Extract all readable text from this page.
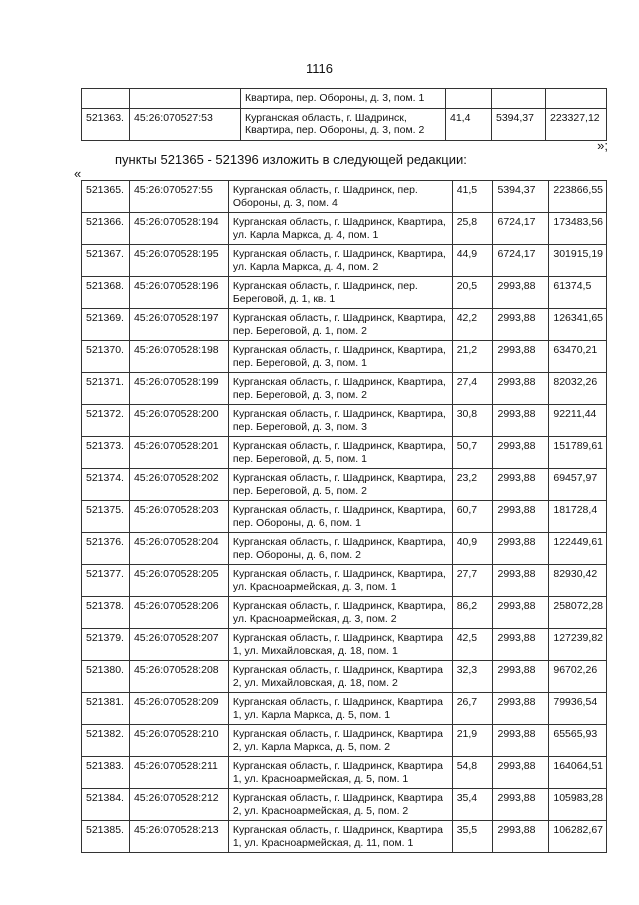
1116
		Квартира, пер. Обороны, д. 3, пом. 1			
521363.	45:26:070527:53	Курганская область, г. Шадринск, Квартира, пер. Обороны, д. 3, пом. 2	41,4	5394,37	223327,12
»;
пункты 521365 - 521396 изложить в следующей редакции:
«
521365.	45:26:070527:55	Курганская область, г. Шадринск, пер. Обороны, д. 3, пом. 4	41,5	5394,37	223866,55
521366.	45:26:070528:194	Курганская область, г. Шадринск, Квартира, ул. Карла Маркса, д. 4, пом. 1	25,8	6724,17	173483,56
521367.	45:26:070528:195	Курганская область, г. Шадринск, Квартира, ул. Карла Маркса, д. 4, пом. 2	44,9	6724,17	301915,19
521368.	45:26:070528:196	Курганская область, г. Шадринск, пер. Береговой, д. 1, кв. 1	20,5	2993,88	61374,5
521369.	45:26:070528:197	Курганская область, г. Шадринск, Квартира, пер. Береговой, д. 1, пом. 2	42,2	2993,88	126341,65
521370.	45:26:070528:198	Курганская область, г. Шадринск, Квартира, пер. Береговой, д. 3, пом. 1	21,2	2993,88	63470,21
521371.	45:26:070528:199	Курганская область, г. Шадринск, Квартира, пер. Береговой, д. 3, пом. 2	27,4	2993,88	82032,26
521372.	45:26:070528:200	Курганская область, г. Шадринск, Квартира, пер. Береговой, д. 3, пом. 3	30,8	2993,88	92211,44
521373.	45:26:070528:201	Курганская область, г. Шадринск, Квартира, пер. Береговой, д. 5, пом. 1	50,7	2993,88	151789,61
521374.	45:26:070528:202	Курганская область, г. Шадринск, Квартира, пер. Береговой, д. 5, пом. 2	23,2	2993,88	69457,97
521375.	45:26:070528:203	Курганская область, г. Шадринск, Квартира, пер. Обороны, д. 6, пом. 1	60,7	2993,88	181728,4
521376.	45:26:070528:204	Курганская область, г. Шадринск, Квартира, пер. Обороны, д. 6, пом. 2	40,9	2993,88	122449,61
521377.	45:26:070528:205	Курганская область, г. Шадринск, Квартира, ул. Красноармейская, д. 3, пом. 1	27,7	2993,88	82930,42
521378.	45:26:070528:206	Курганская область, г. Шадринск, Квартира, ул. Красноармейская, д. 3, пом. 2	86,2	2993,88	258072,28
521379.	45:26:070528:207	Курганская область, г. Шадринск, Квартира 1, ул. Михайловская, д. 18, пом. 1	42,5	2993,88	127239,82
521380.	45:26:070528:208	Курганская область, г. Шадринск, Квартира 2, ул. Михайловская, д. 18, пом. 2	32,3	2993,88	96702,26
521381.	45:26:070528:209	Курганская область, г. Шадринск, Квартира 1, ул. Карла Маркса, д. 5, пом. 1	26,7	2993,88	79936,54
521382.	45:26:070528:210	Курганская область, г. Шадринск, Квартира 2, ул. Карла Маркса, д. 5, пом. 2	21,9	2993,88	65565,93
521383.	45:26:070528:211	Курганская область, г. Шадринск, Квартира 1, ул. Красноармейская, д. 5, пом. 1	54,8	2993,88	164064,51
521384.	45:26:070528:212	Курганская область, г. Шадринск, Квартира 2, ул. Красноармейская, д. 5, пом. 2	35,4	2993,88	105983,28
521385.	45:26:070528:213	Курганская область, г. Шадринск, Квартира 1, ул. Красноармейская, д. 11, пом. 1	35,5	2993,88	106282,67
